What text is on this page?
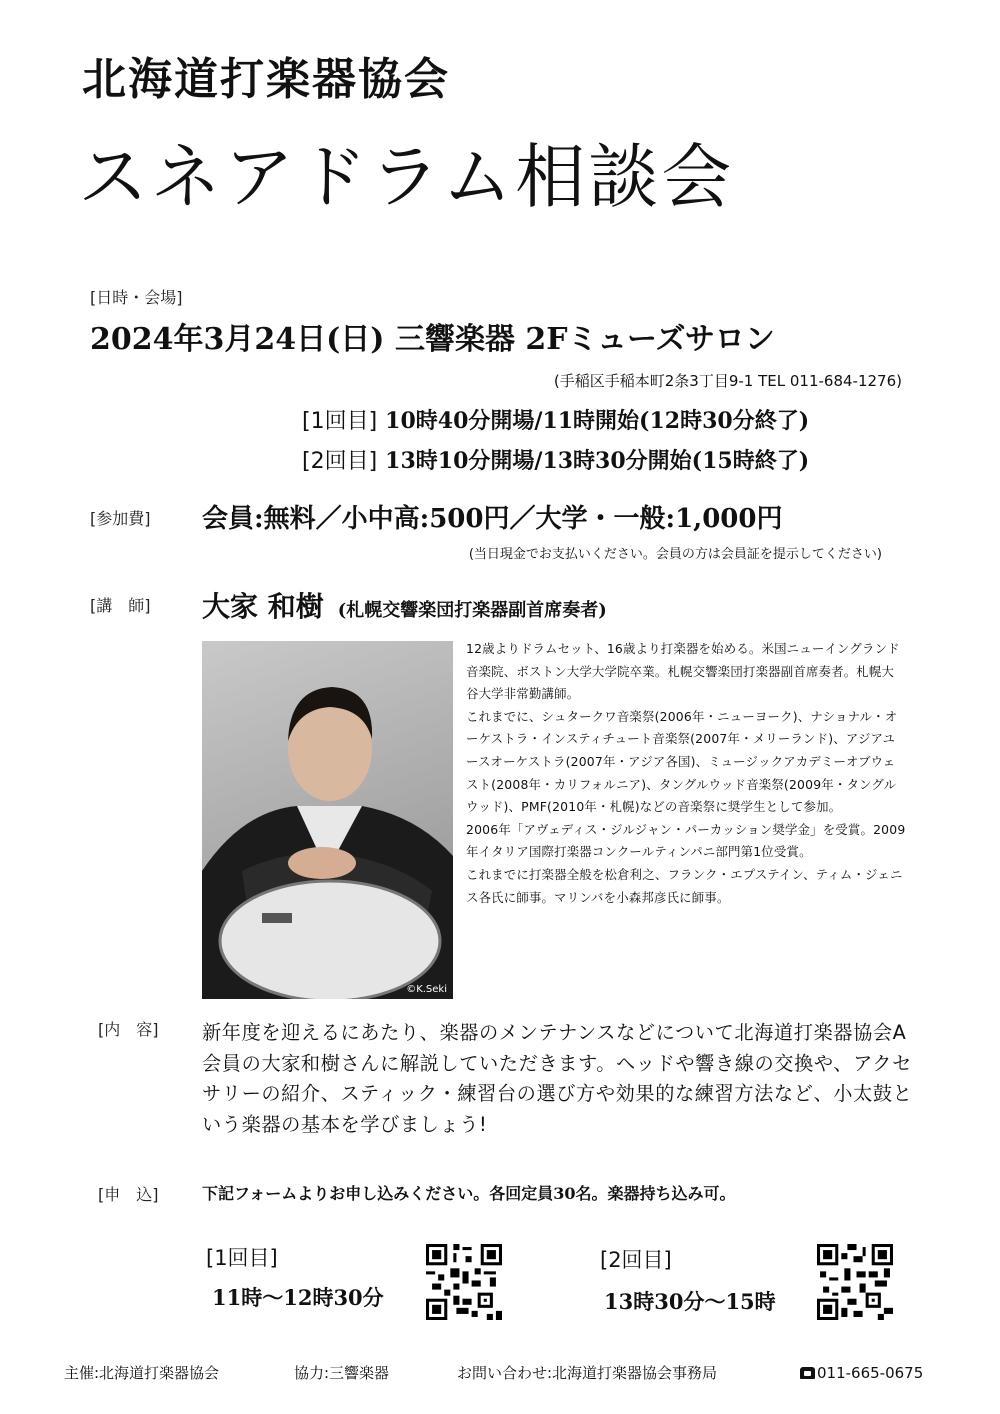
北海道打楽器協会
スネアドラム相談会
[日時・会場]
2024年3月24日(日) 三響楽器 2Fミューズサロン
(手稲区手稲本町2条3丁目9-1 TEL 011-684-1276)
[1回目] 10時40分開場/11時開始(12時30分終了)
[2回目] 13時10分開場/13時30分開始(15時終了)
[参加費] 会員:無料／小中高:500円／大学・一般:1,000円
(当日現金でお支払いください。会員の方は会員証を提示してください)
[講　師] 大家 和樹 (札幌交響楽団打楽器副首席奏者)
©K.Seki

12歳よりドラムセット、16歳より打楽器を始める。米国ニューイングランド音楽院、ボストン大学大学院卒業。札幌交響楽団打楽器副首席奏者。札幌大谷大学非常勤講師。

これまでに、シュタークワ音楽祭(2006年・ニューヨーク)、ナショナル・オーケストラ・インスティチュート音楽祭(2007年・メリーランド)、アジアユースオーケストラ(2007年・アジア各国)、ミュージックアカデミーオブウェスト(2008年・カリフォルニア)、タングルウッド音楽祭(2009年・タングルウッド)、PMF(2010年・札幌)などの音楽祭に奨学生として参加。

2006年「アヴェディス・ジルジャン・パーカッション奨学金」を受賞。2009年イタリア国際打楽器コンクールティンパニ部門第1位受賞。

これまでに打楽器全般を松倉利之、フランク・エプステイン、ティム・ジェニス各氏に師事。マリンバを小森邦彦氏に師事。

[内　容] 新年度を迎えるにあたり、楽器のメンテナンスなどについて北海道打楽器協会A会員の大家和樹さんに解説していただきます。ヘッドや響き線の交換や、アクセサリーの紹介、スティック・練習台の選び方や効果的な練習方法など、小太鼓という楽器の基本を学びましょう!

[申　込]	下記フォームよりお申し込みください。各回定員30名。楽器持ち込み可。
[1回目]
11時～12時30分
[2回目]
13時30分～15時
主催:北海道打楽器協会	協力:三響楽器	お問い合わせ:北海道打楽器協会事務局	011-665-0675
